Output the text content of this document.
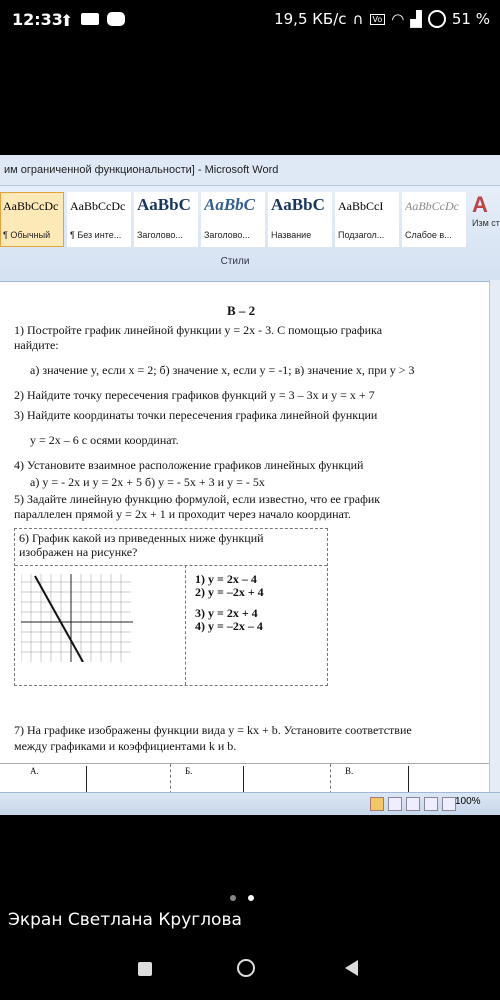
12:33
⬆	19,5 КБ/с ∩	Vo ◠ ▟ 51 %
им ограниченной функциональности] - Microsoft Word
AaBbCcDc
¶ Обычный
AaBbCcDc
¶ Без инте...
AaBbC
Заголово...
AaBbC
Заголово...
AaBbC
Название
AaBbCcI
Подзагол...
AaBbCcDc
Слабое в...
Стили
A
Изм ст
В – 2
1) Постройте график линейной функции y = 2x - 3. С помощью графика
найдите:
а) значение y, если x = 2; б) значение x, если y = -1; в) значение x, при y > 3
2) Найдите точку пересечения графиков функций y = 3 – 3x и y = x + 7
3) Найдите координаты точки пересечения графика линейной функции
y = 2x – 6 с осями координат.
4) Установите взаимное расположение графиков линейных функций
а) y = - 2x и y = 2x + 5 б) y = - 5x + 3 и y = - 5x
5) Задайте линейную функцию формулой, если известно, что ее график
параллелен прямой y = 2x + 1 и проходит через начало координат.
6) График какой из приведенных ниже функций
изображен на рисунке?
1) y = 2x – 4
2) y = –2x + 4
3) y = 2x + 4
4) y = –2x – 4
7) На графике изображены функции вида y = kx + b. Установите соответствие
между графиками и коэффициентами k и b.
А.	Б.	В.
100%
Экран Светлана Круглова
